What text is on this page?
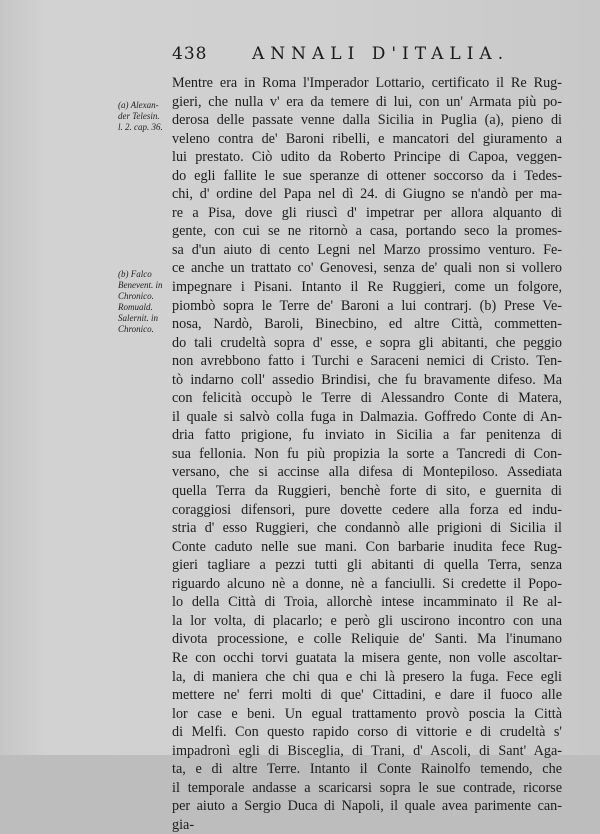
438	ANNALI D'ITALIA.
(a) Alexan-
der Telesin.
l. 2. cap. 36.
(b) Falco
Benevent. in
Chronico.
Romuald.
Salernit. in
Chronico.
Mentre era in Roma l'Imperador Lottario, certificato il Re Rug-
gieri, che nulla v' era da temere di lui, con un' Armata più po-
derosa delle passate venne dalla Sicilia in Puglia (a), pieno di
veleno contra de' Baroni ribelli, e mancatori del giuramento a
lui prestato. Ciò udito da Roberto Principe di Capoa, veggen-
do egli fallite le sue speranze di ottener soccorso da i Tedes-
chi, d' ordine del Papa nel dì 24. di Giugno se n'andò per ma-
re a Pisa, dove gli riuscì d' impetrar per allora alquanto di
gente, con cui se ne ritornò a casa, portando seco la promes-
sa d'un aiuto di cento Legni nel Marzo prossimo venturo. Fe-
ce anche un trattato co' Genovesi, senza de' quali non si vollero
impegnare i Pisani. Intanto il Re Ruggieri, come un folgore,
piombò sopra le Terre de' Baroni a lui contrarj. (b) Prese Ve-
nosa, Nardò, Baroli, Binecbino, ed altre Città, commetten-
do tali crudeltà sopra d' esse, e sopra gli abitanti, che peggio
non avrebbono fatto i Turchi e Saraceni nemici di Cristo. Ten-
tò indarno coll' assedio Brindisi, che fu bravamente difeso. Ma
con felicità occupò le Terre di Alessandro Conte di Matera,
il quale si salvò colla fuga in Dalmazia. Goffredo Conte di An-
dria fatto prigione, fu inviato in Sicilia a far penitenza di
sua fellonia. Non fu più propizia la sorte a Tancredi di Con-
versano, che si accinse alla difesa di Montepiloso. Assediata
quella Terra da Ruggieri, benchè forte di sito, e guernita di
coraggiosi difensori, pure dovette cedere alla forza ed indu-
stria d' esso Ruggieri, che condannò alle prigioni di Sicilia il
Conte caduto nelle sue mani. Con barbarie inudita fece Rug-
gieri tagliare a pezzi tutti gli abitanti di quella Terra, senza
riguardo alcuno nè a donne, nè a fanciulli. Si credette il Popo-
lo della Città di Troia, allorchè intese incamminato il Re al-
la lor volta, di placarlo; e però gli uscirono incontro con una
divota processione, e colle Reliquie de' Santi. Ma l'inumano
Re con occhi torvi guatata la misera gente, non volle ascoltar-
la, di maniera che chi qua e chi là presero la fuga. Fece egli
mettere ne' ferri molti di que' Cittadini, e dare il fuoco alle
lor case e beni. Un egual trattamento provò poscia la Città
di Melfi. Con questo rapido corso di vittorie e di crudeltà s'
impadronì egli di Bisceglia, di Trani, d' Ascoli, di Sant' Aga-
ta, e di altre Terre. Intanto il Conte Rainolfo temendo, che
il temporale andasse a scaricarsi sopra le sue contrade, ricorse
per aiuto a Sergio Duca di Napoli, il quale avea parimente can-
gia-
